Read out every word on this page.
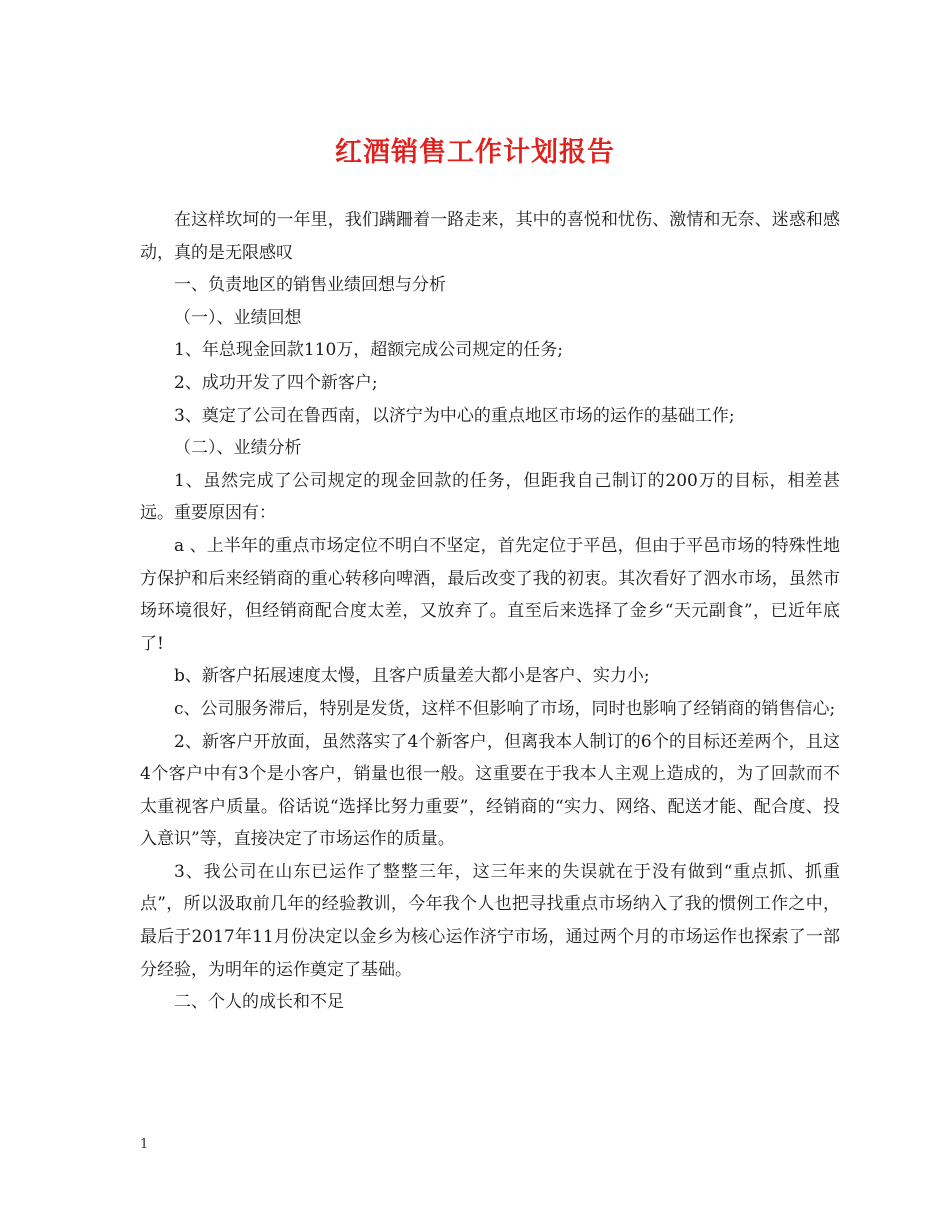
红酒销售工作计划报告

在这样坎坷的一年里，我们蹒跚着一路走来，其中的喜悦和忧伤、激情和无奈、迷惑和感动，真的是无限感叹

一、负责地区的销售业绩回想与分析

（一）、业绩回想

1、年总现金回款110万，超额完成公司规定的任务;

2、成功开发了四个新客户;

3、奠定了公司在鲁西南，以济宁为中心的重点地区市场的运作的基础工作;

（二）、业绩分析

1、虽然完成了公司规定的现金回款的任务，但距我自己制订的200万的目标，相差甚远。重要原因有：

a 、上半年的重点市场定位不明白不坚定，首先定位于平邑，但由于平邑市场的特殊性地方保护和后来经销商的重心转移向啤酒，最后改变了我的初衷。其次看好了泗水市场，虽然市场环境很好，但经销商配合度太差，又放弃了。直至后来选择了金乡“天元副食”，已近年底了!

b、新客户拓展速度太慢，且客户质量差大都小是客户、实力小;

c、公司服务滞后，特别是发货，这样不但影响了市场，同时也影响了经销商的销售信心;

2、新客户开放面，虽然落实了4个新客户，但离我本人制订的6个的目标还差两个，且这4个客户中有3个是小客户，销量也很一般。这重要在于我本人主观上造成的，为了回款而不太重视客户质量。俗话说“选择比努力重要”，经销商的“实力、网络、配送才能、配合度、投入意识”等，直接决定了市场运作的质量。

3、我公司在山东已运作了整整三年，这三年来的失误就在于没有做到“重点抓、抓重点”，所以汲取前几年的经验教训，今年我个人也把寻找重点市场纳入了我的惯例工作之中，最后于2017年11月份决定以金乡为核心运作济宁市场，通过两个月的市场运作也探索了一部分经验，为明年的运作奠定了基础。

二、个人的成长和不足

1
